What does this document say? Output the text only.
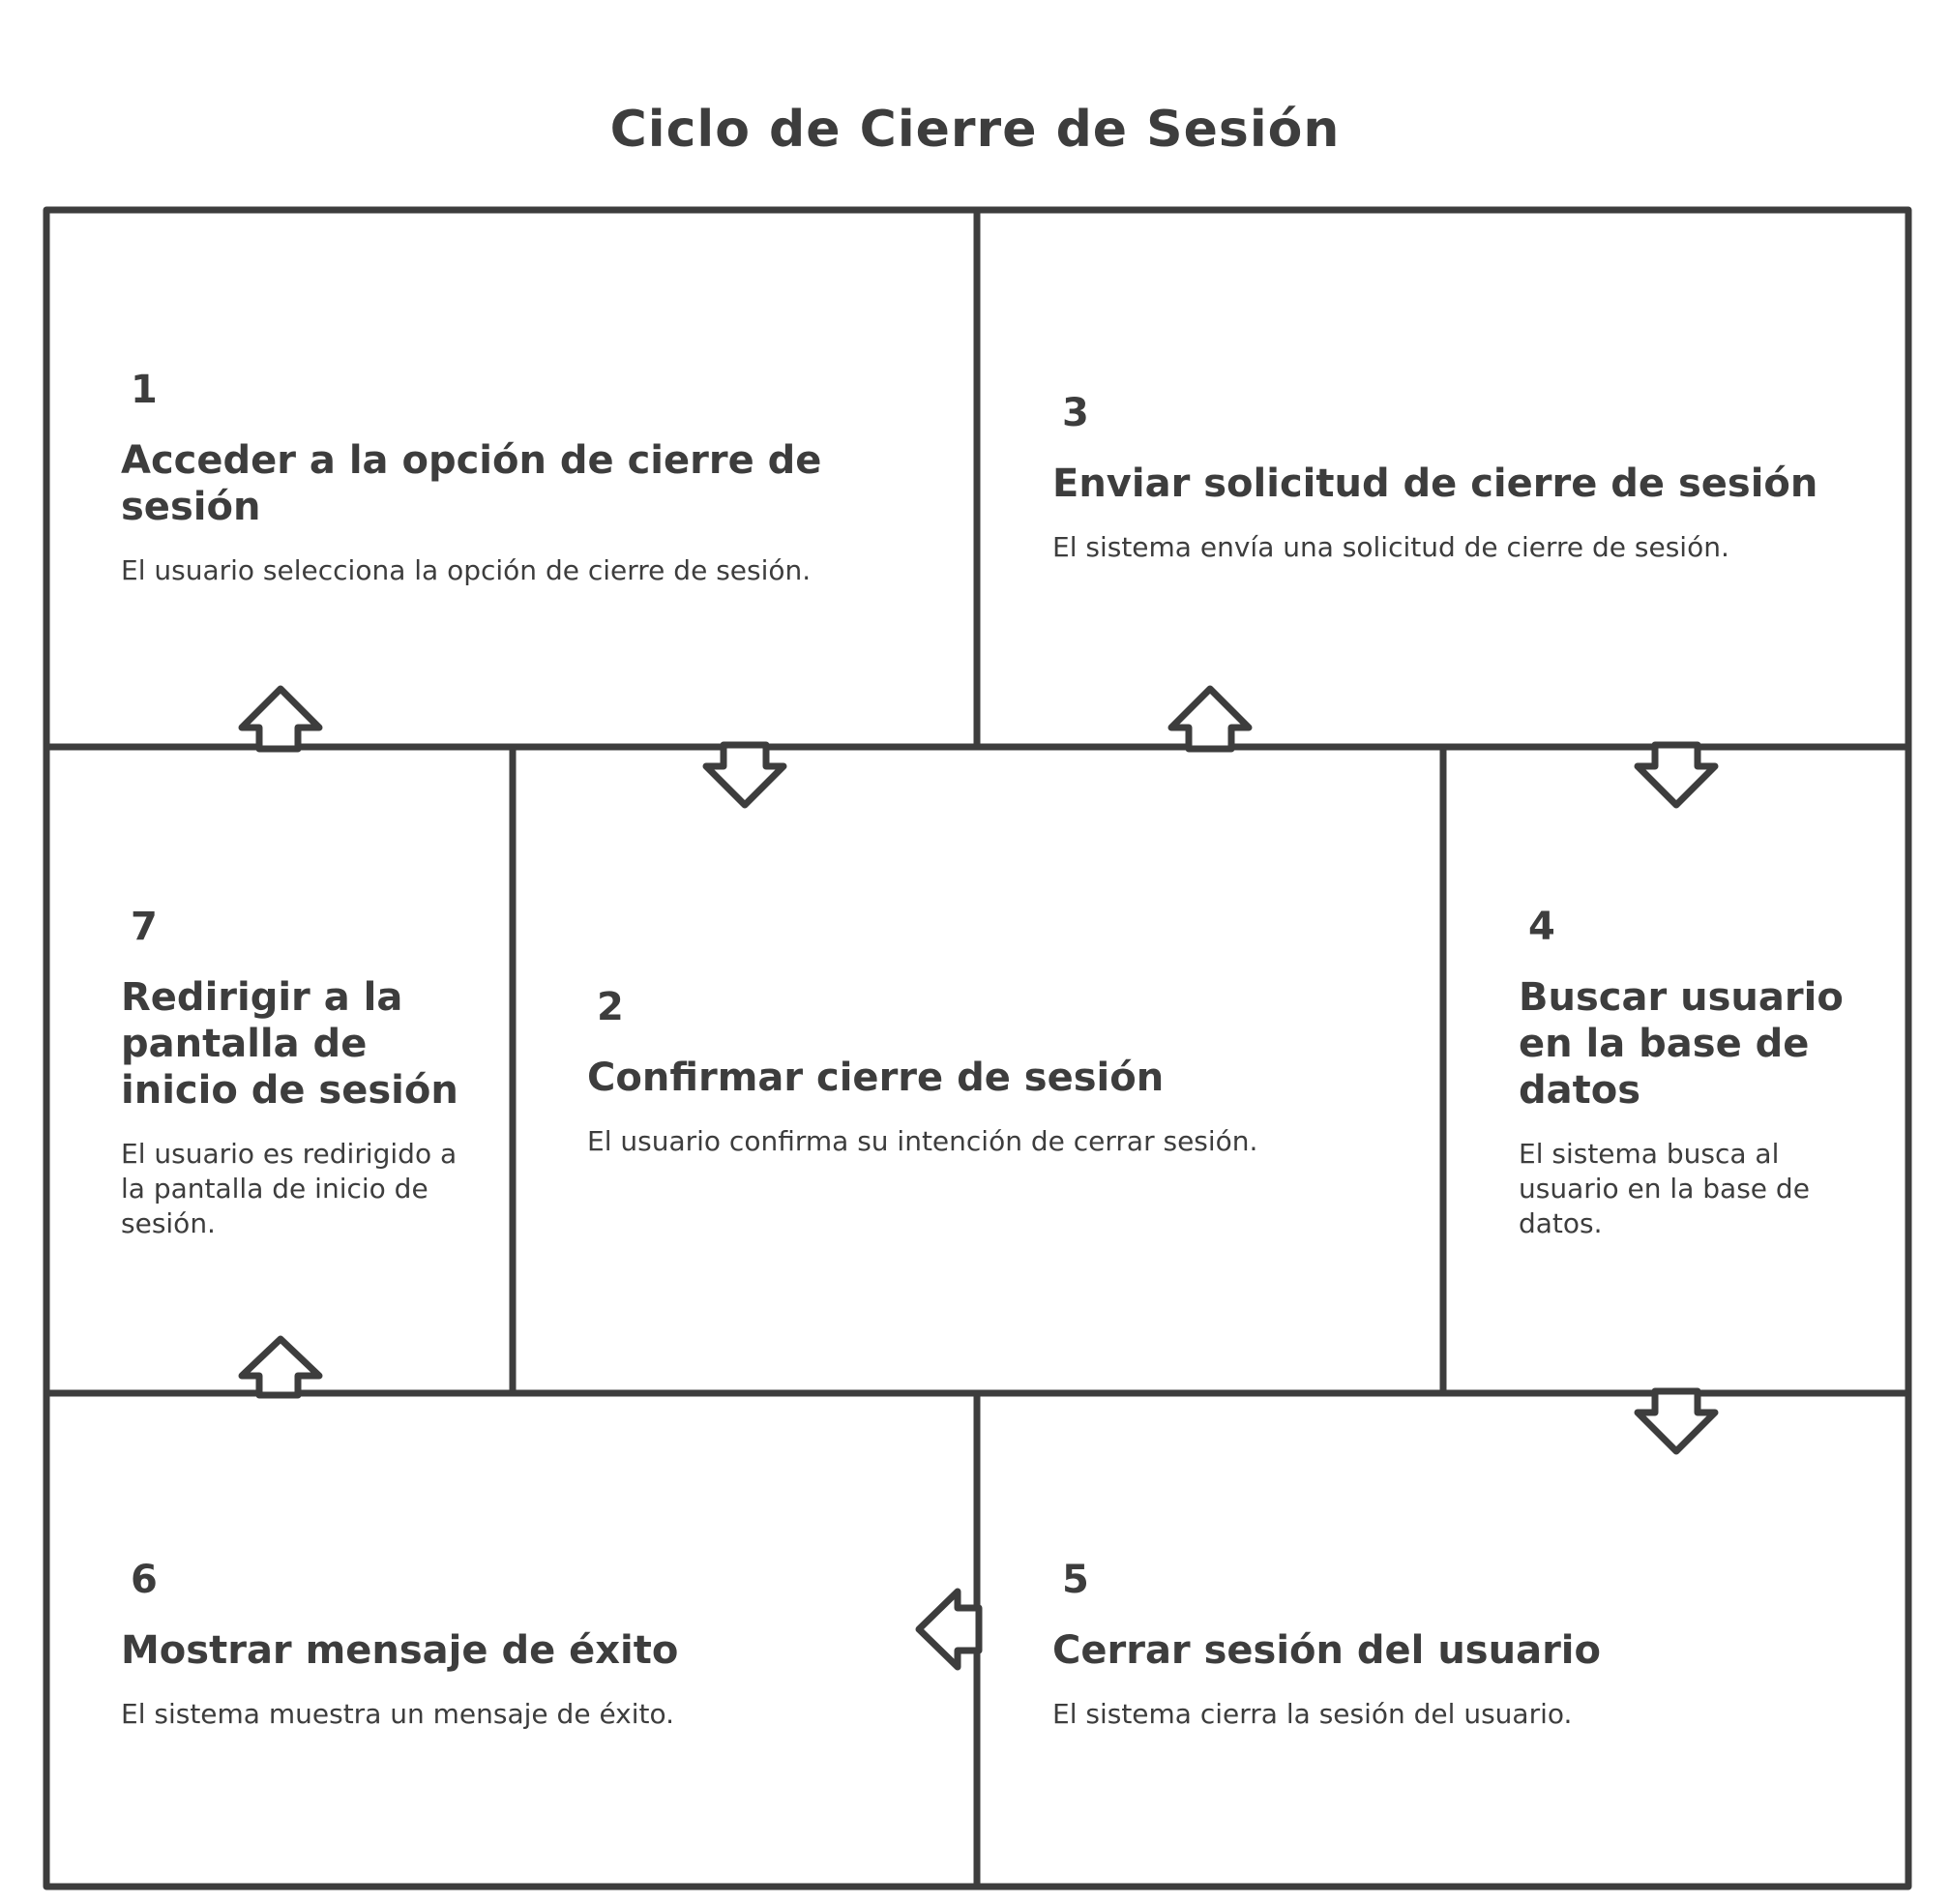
Ciclo de Cierre de Sesión
1
Acceder a la opción de cierre de sesión
El usuario selecciona la opción de cierre de sesión.
3
Enviar solicitud de cierre de sesión
El sistema envía una solicitud de cierre de sesión.
7
Redirigir a la pantalla de inicio de sesión
El usuario es redirigido a la pantalla de inicio de sesión.
2
Confirmar cierre de sesión
El usuario confirma su intención de cerrar sesión.
4
Buscar usuario en la base de datos
El sistema busca al usuario en la base de datos.
6
Mostrar mensaje de éxito
El sistema muestra un mensaje de éxito.
5
Cerrar sesión del usuario
El sistema cierra la sesión del usuario.
